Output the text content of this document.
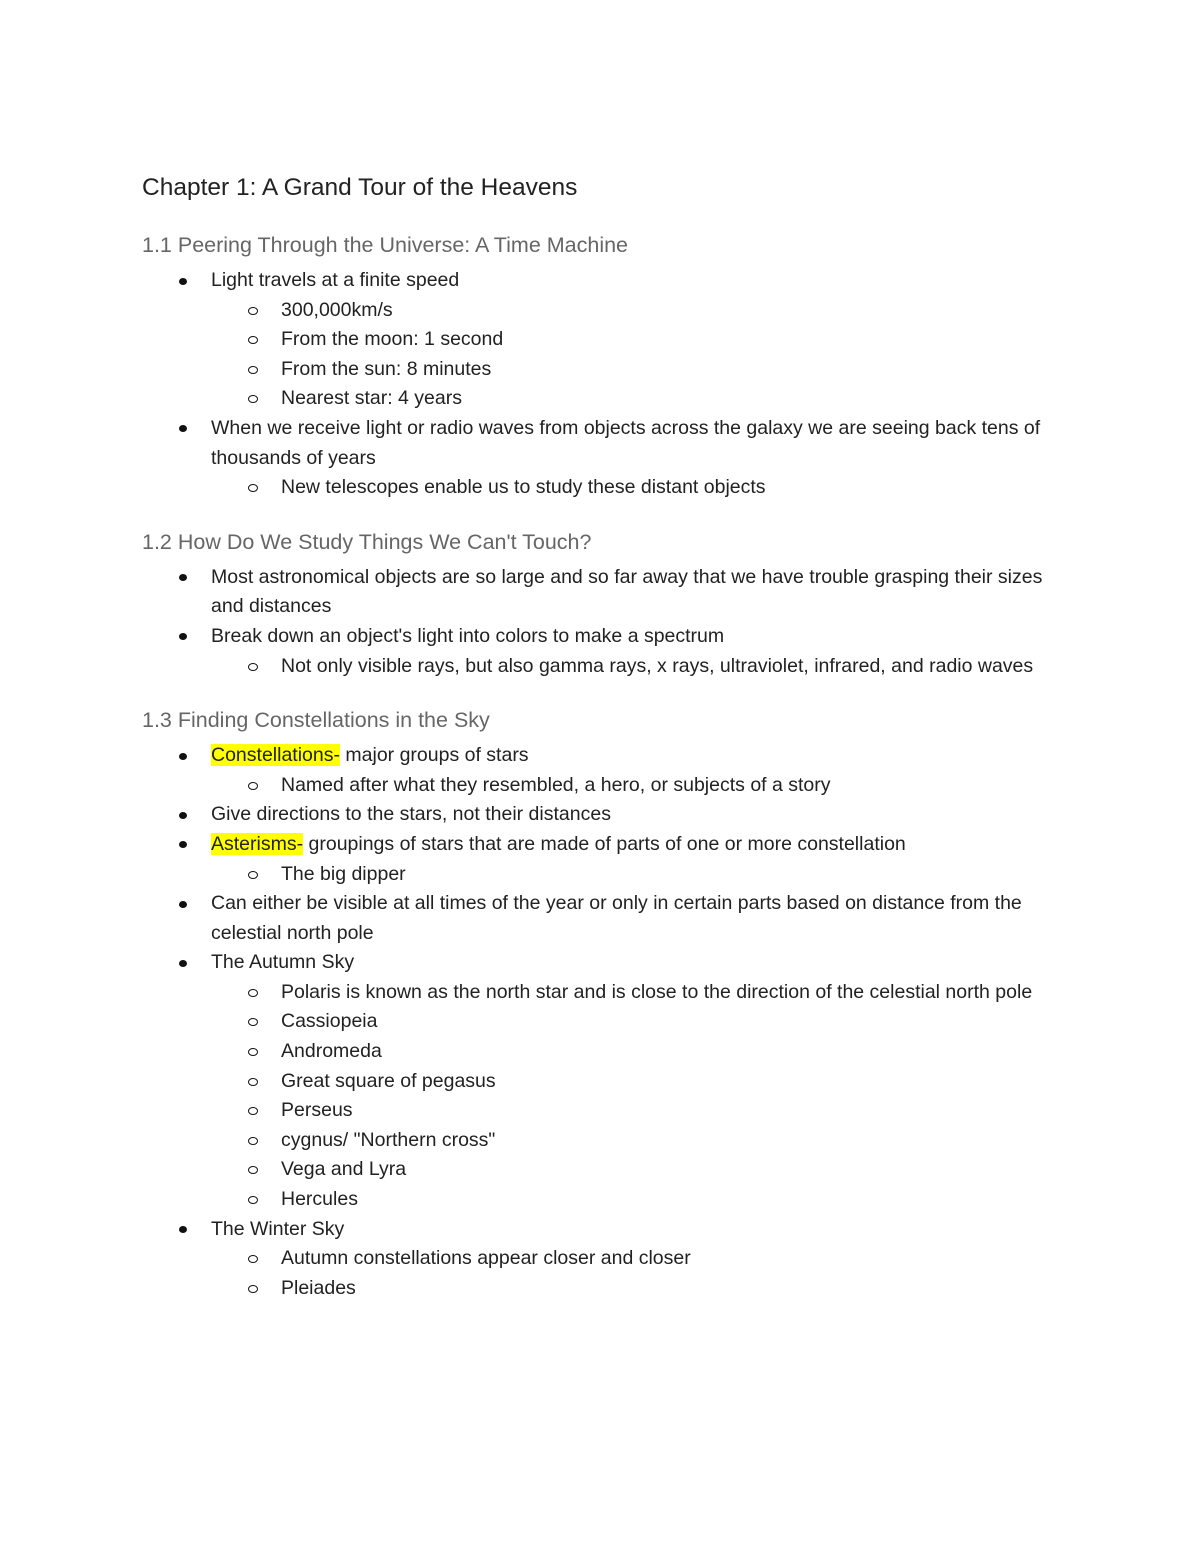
Chapter 1: A Grand Tour of the Heavens
1.1 Peering Through the Universe: A Time Machine
Light travels at a finite speed
300,000km/s
From the moon: 1 second
From the sun: 8 minutes
Nearest star: 4 years
When we receive light or radio waves from objects across the galaxy we are seeing back tens of thousands of years
New telescopes enable us to study these distant objects
1.2 How Do We Study Things We Can't Touch?
Most astronomical objects are so large and so far away that we have trouble grasping their sizes and distances
Break down an object's light into colors to make a spectrum
Not only visible rays, but also gamma rays, x rays, ultraviolet, infrared, and radio waves
1.3 Finding Constellations in the Sky
Constellations- major groups of stars
Named after what they resembled, a hero, or subjects of a story
Give directions to the stars, not their distances
Asterisms- groupings of stars that are made of parts of one or more constellation
The big dipper
Can either be visible at all times of the year or only in certain parts based on distance from the celestial north pole
The Autumn Sky
Polaris is known as the north star and is close to the direction of the celestial north pole
Cassiopeia
Andromeda
Great square of pegasus
Perseus
cygnus/ "Northern cross"
Vega and Lyra
Hercules
The Winter Sky
Autumn constellations appear closer and closer
Pleiades
